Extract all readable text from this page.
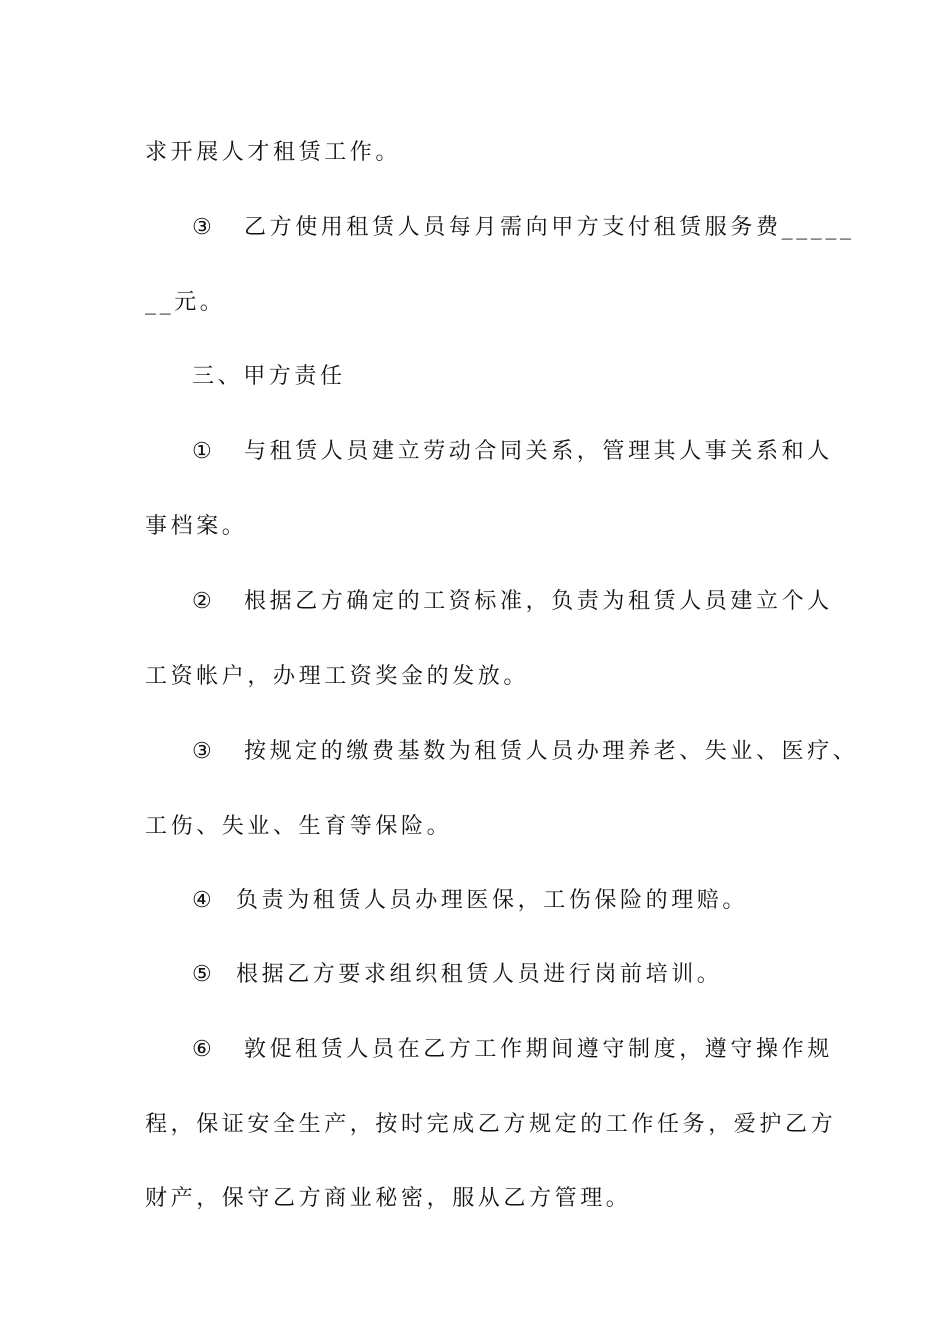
求开展人才租赁工作。
③ 乙方使用租赁人员每月需向甲方支付租赁服务费_____
__元。
三、甲方责任
① 与租赁人员建立劳动合同关系，管理其人事关系和人
事档案。
② 根据乙方确定的工资标准，负责为租赁人员建立个人
工资帐户，办理工资奖金的发放。
③ 按规定的缴费基数为租赁人员办理养老、失业、医疗、
工伤、失业、生育等保险。
④ 负责为租赁人员办理医保，工伤保险的理赔。
⑤ 根据乙方要求组织租赁人员进行岗前培训。
⑥ 敦促租赁人员在乙方工作期间遵守制度，遵守操作规
程，保证安全生产，按时完成乙方规定的工作任务，爱护乙方
财产，保守乙方商业秘密，服从乙方管理。
